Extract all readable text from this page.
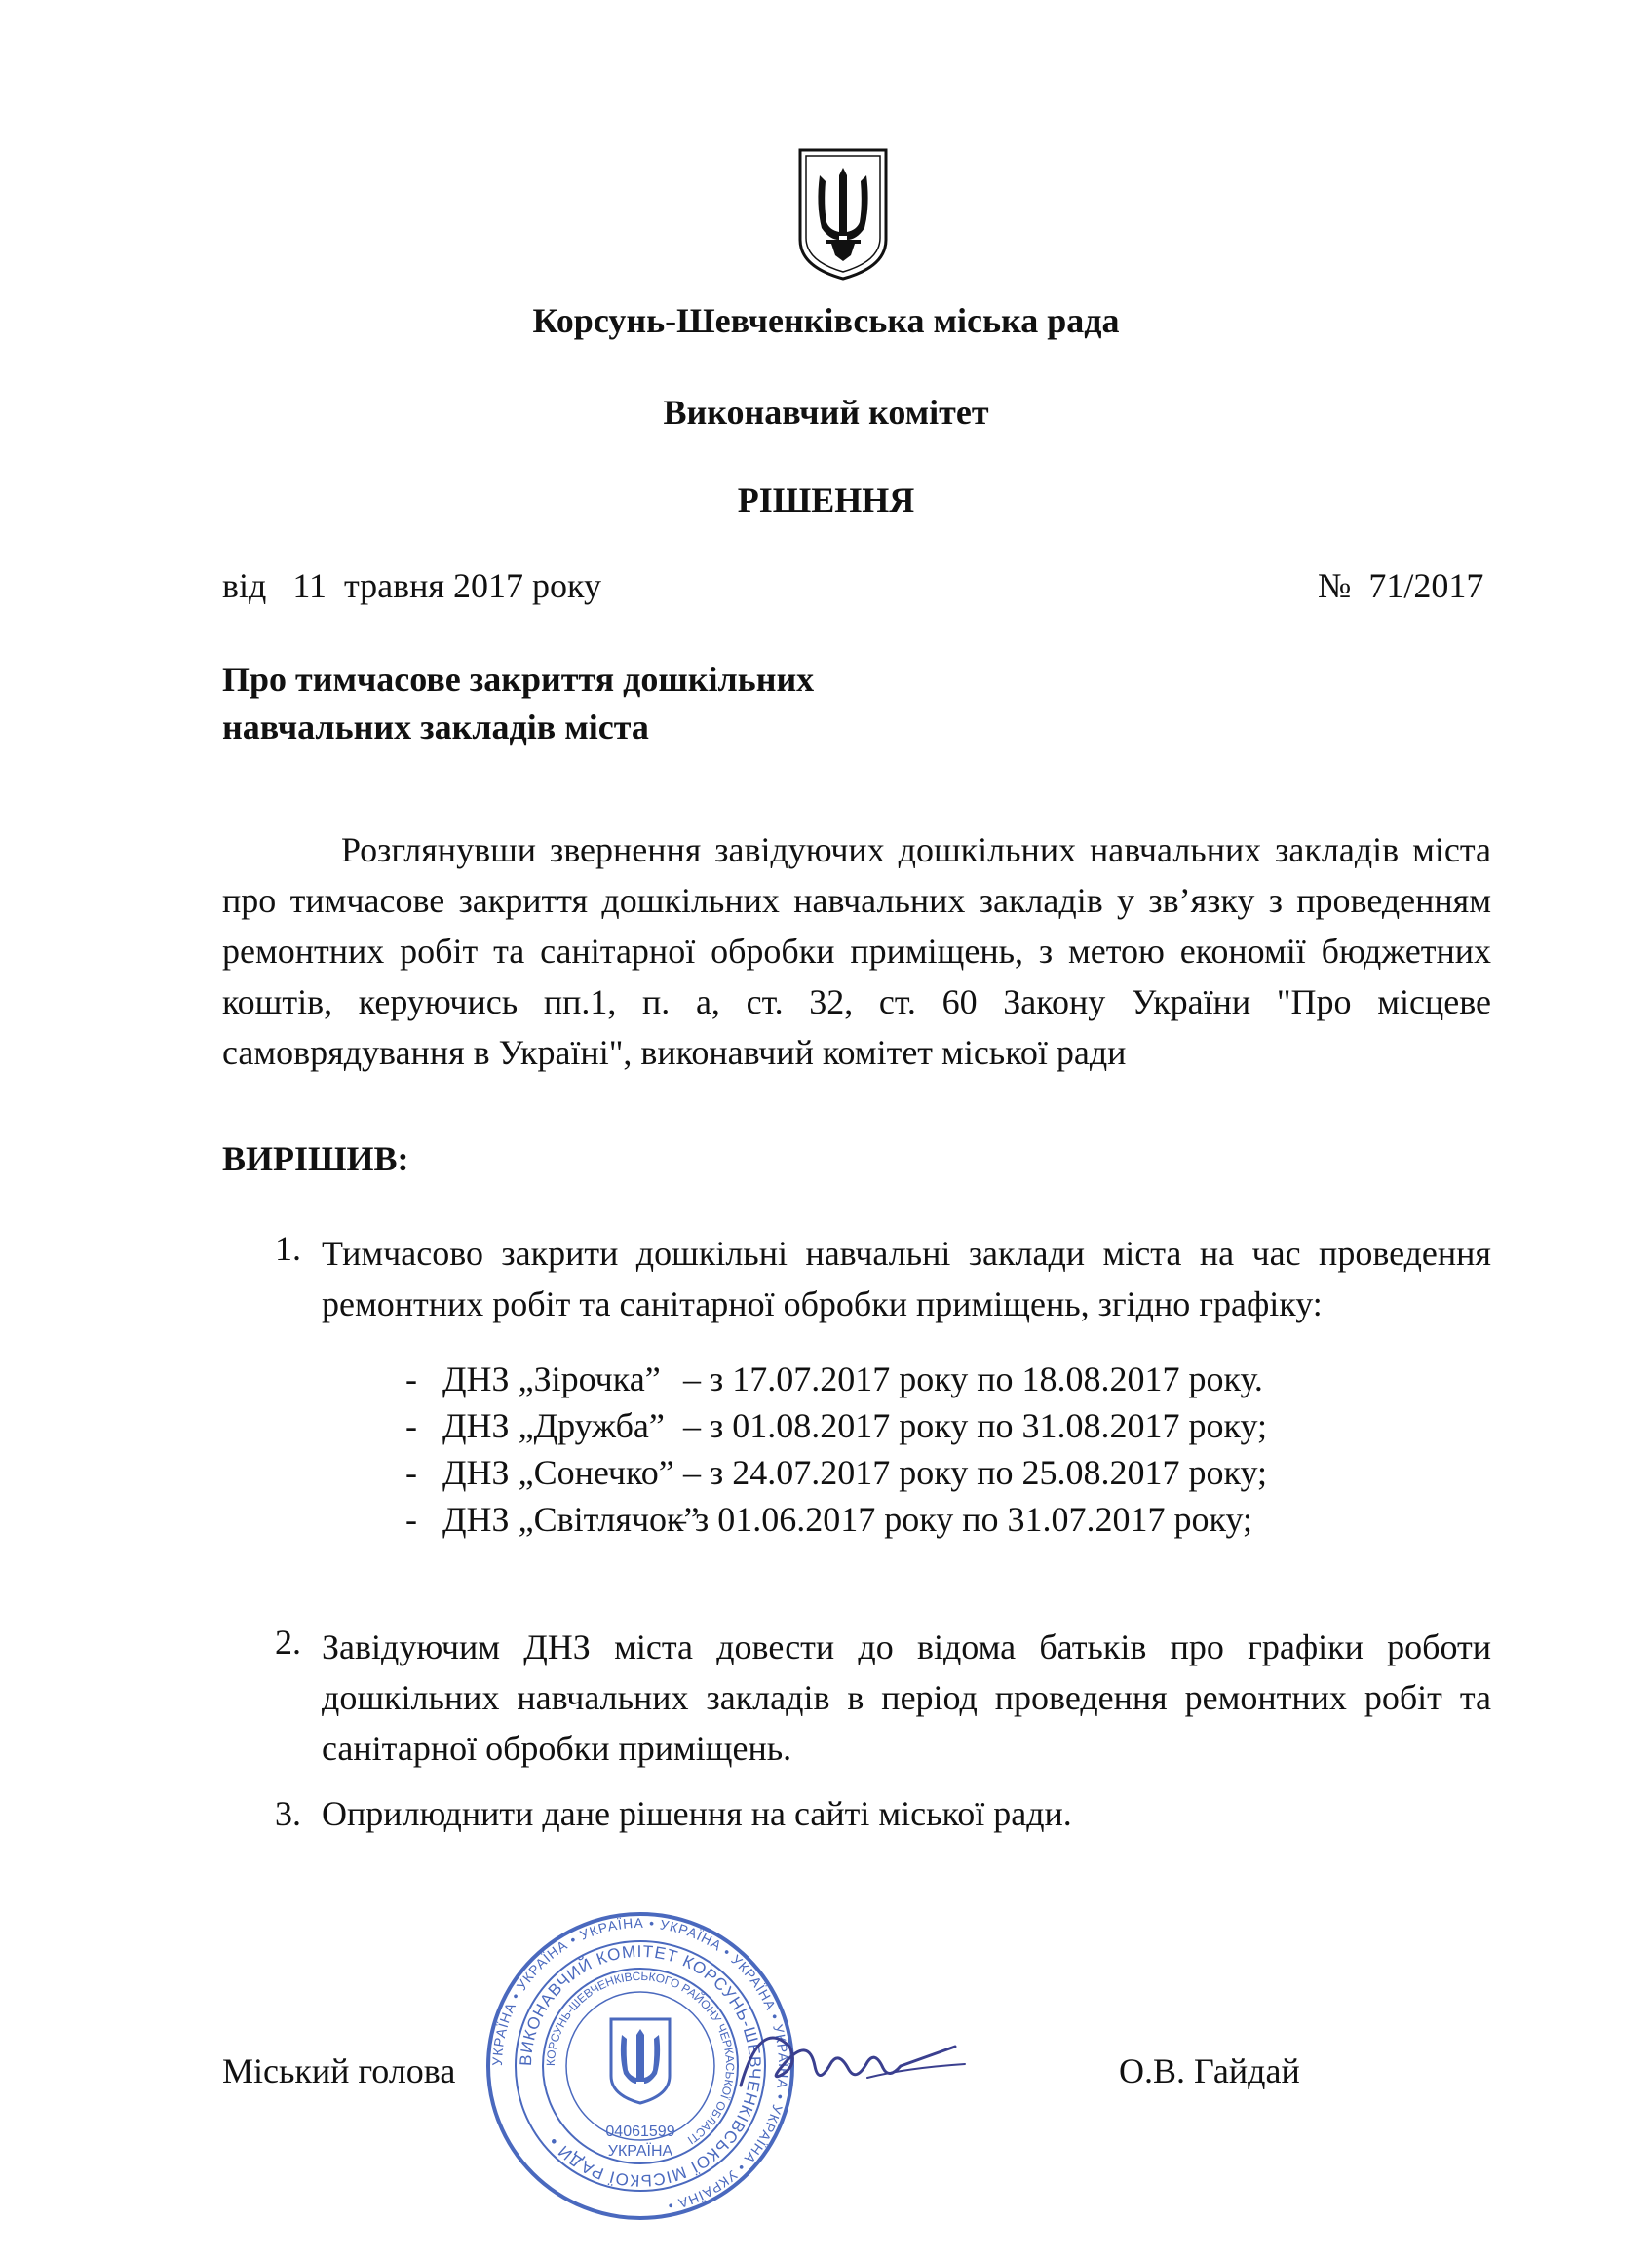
Корсунь-Шевченківська міська рада
Виконавчий комітет
РІШЕННЯ
від 11 травня 2017 року	№ 71/2017
Про тимчасове закриття дошкільних
навчальних закладів міста
Розглянувши звернення завідуючих дошкільних навчальних закладів міста про тимчасове закриття дошкільних навчальних закладів у зв’язку з проведенням ремонтних робіт та санітарної обробки приміщень, з метою економії бюджетних коштів, керуючись пп.1, п. а, ст. 32, ст. 60 Закону України "Про місцеве самоврядування в Україні", виконавчий комітет міської ради
ВИРІШИВ:
1. Тимчасово закрити дошкільні навчальні заклади міста на час проведення ремонтних робіт та санітарної обробки приміщень, згідно графіку:
- ДНЗ „Зірочка” – з 17.07.2017 року по 18.08.2017 року.
- ДНЗ „Дружба” – з 01.08.2017 року по 31.08.2017 року;
- ДНЗ „Сонечко” – з 24.07.2017 року по 25.08.2017 року;
- ДНЗ „Світлячок”
– з 01.06.2017 року по 31.07.2017 року;
2. Завідуючим ДНЗ міста довести до відома батьків про графіки роботи дошкільних навчальних закладів в період проведення ремонтних робіт та санітарної обробки приміщень.
3. Оприлюднити дане рішення на сайті міської ради.
Міський голова	О.В. Гайдай
УКРАЇНА • УКРАЇНА • УКРАЇНА • УКРАЇНА • УКРАЇНА • УКРАЇНА • УКРАЇНА • УКРАЇНА •
ВИКОНАВЧИЙ КОМІТЕТ КОРСУНЬ-ШЕВЧЕНКІВСЬКОЇ МІСЬКОЇ РАДИ •
КОРСУНЬ-ШЕВЧЕНКІВСЬКОГО РАЙОНУ ЧЕРКАСЬКОЇ ОБЛАСТІ
04061599
УКРАЇНА
